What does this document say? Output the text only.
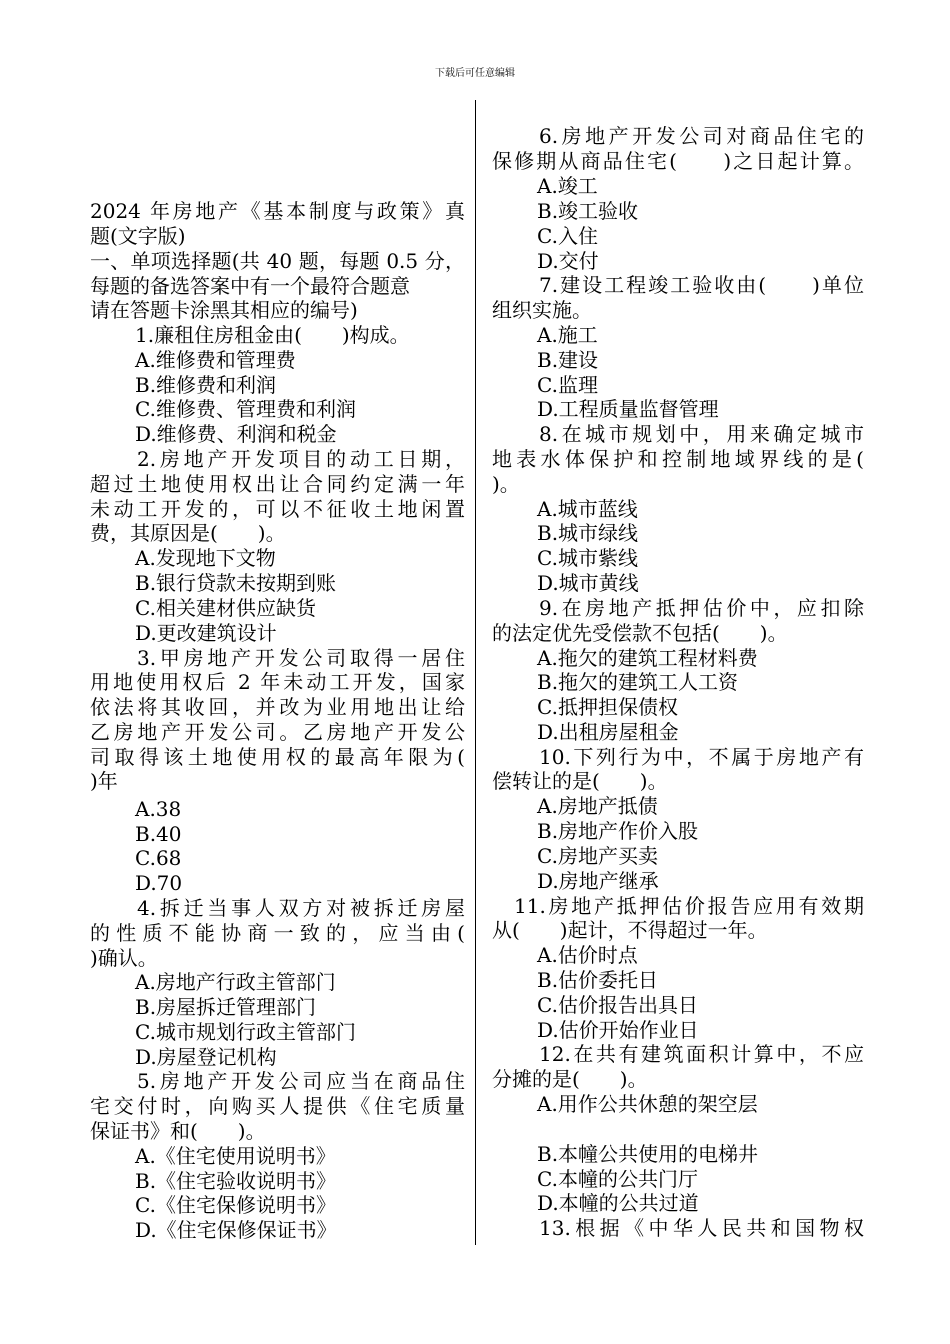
下载后可任意编辑
2024 年房地产《基本制度与政策》真
题(文字版)
一、单项选择题(共 40 题，每题 0.5 分，
每题的备选答案中有一个最符合题意
请在答题卡涂黑其相应的编号)
1.廉租住房租金由(　　)构成。
A.维修费和管理费
B.维修费和利润
C.维修费、管理费和利润
D.维修费、利润和税金
2.房地产开发项目的动工日期，
超过土地使用权出让合同约定满一年
未动工开发的，可以不征收土地闲置
费，其原因是(　　)。
A.发现地下文物
B.银行贷款未按期到账
C.相关建材供应缺货
D.更改建筑设计
3.甲房地产开发公司取得一居住
用地使用权后 2 年未动工开发，国家
依法将其收回，并改为业用地出让给
乙房地产开发公司。乙房地产开发公
司取得该土地使用权的最高年限为(
)年
A.38
B.40
C.68
D.70
4.拆迁当事人双方对被拆迁房屋
的性质不能协商一致的，应当由(
)确认。
A.房地产行政主管部门
B.房屋拆迁管理部门
C.城市规划行政主管部门
D.房屋登记机构
5.房地产开发公司应当在商品住
宅交付时，向购买人提供《住宅质量
保证书》和(　　)。
A.《住宅使用说明书》
B.《住宅验收说明书》
C.《住宅保修说明书》
D.《住宅保修保证书》
6.房地产开发公司对商品住宅的
保修期从商品住宅(　　)之日起计算。
A.竣工
B.竣工验收
C.入住
D.交付
7.建设工程竣工验收由(　　)单位
组织实施。
A.施工
B.建设
C.监理
D.工程质量监督管理
8.在城市规划中，用来确定城市
地表水体保护和控制地域界线的是(
)。
A.城市蓝线
B.城市绿线
C.城市紫线
D.城市黄线
9.在房地产抵押估价中，应扣除
的法定优先受偿款不包括(　　)。
A.拖欠的建筑工程材料费
B.拖欠的建筑工人工资
C.抵押担保债权
D.出租房屋租金
10.下列行为中，不属于房地产有
偿转让的是(　　)。
A.房地产抵债
B.房地产作价入股
C.房地产买卖
D.房地产继承
11.房地产抵押估价报告应用有效期
从(　　)起计，不得超过一年。
A.估价时点
B.估价委托日
C.估价报告出具日
D.估价开始作业日
12.在共有建筑面积计算中，不应
分摊的是(　　)。
A.用作公共休憩的架空层
B.本幢公共使用的电梯井
C.本幢的公共门厅
D.本幢的公共过道
13.根据《中华人民共和国物权
